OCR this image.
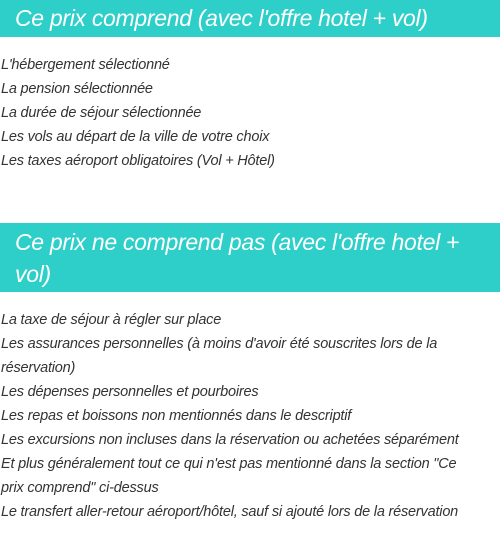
Ce prix comprend (avec l'offre hotel + vol)
L'hébergement sélectionné
La pension sélectionnée
La durée de séjour sélectionnée
Les vols au départ de la ville de votre choix
Les taxes aéroport obligatoires (Vol + Hôtel)
Ce prix ne comprend pas (avec l'offre hotel + vol)
La taxe de séjour à régler sur place
Les assurances personnelles (à moins d'avoir été souscrites lors de la réservation)
Les dépenses personnelles et pourboires
Les repas et boissons non mentionnés dans le descriptif
Les excursions non incluses dans la réservation ou achetées séparément
Et plus généralement tout ce qui n'est pas mentionné dans la section "Ce prix comprend" ci-dessus
Le transfert aller-retour aéroport/hôtel, sauf si ajouté lors de la réservation
